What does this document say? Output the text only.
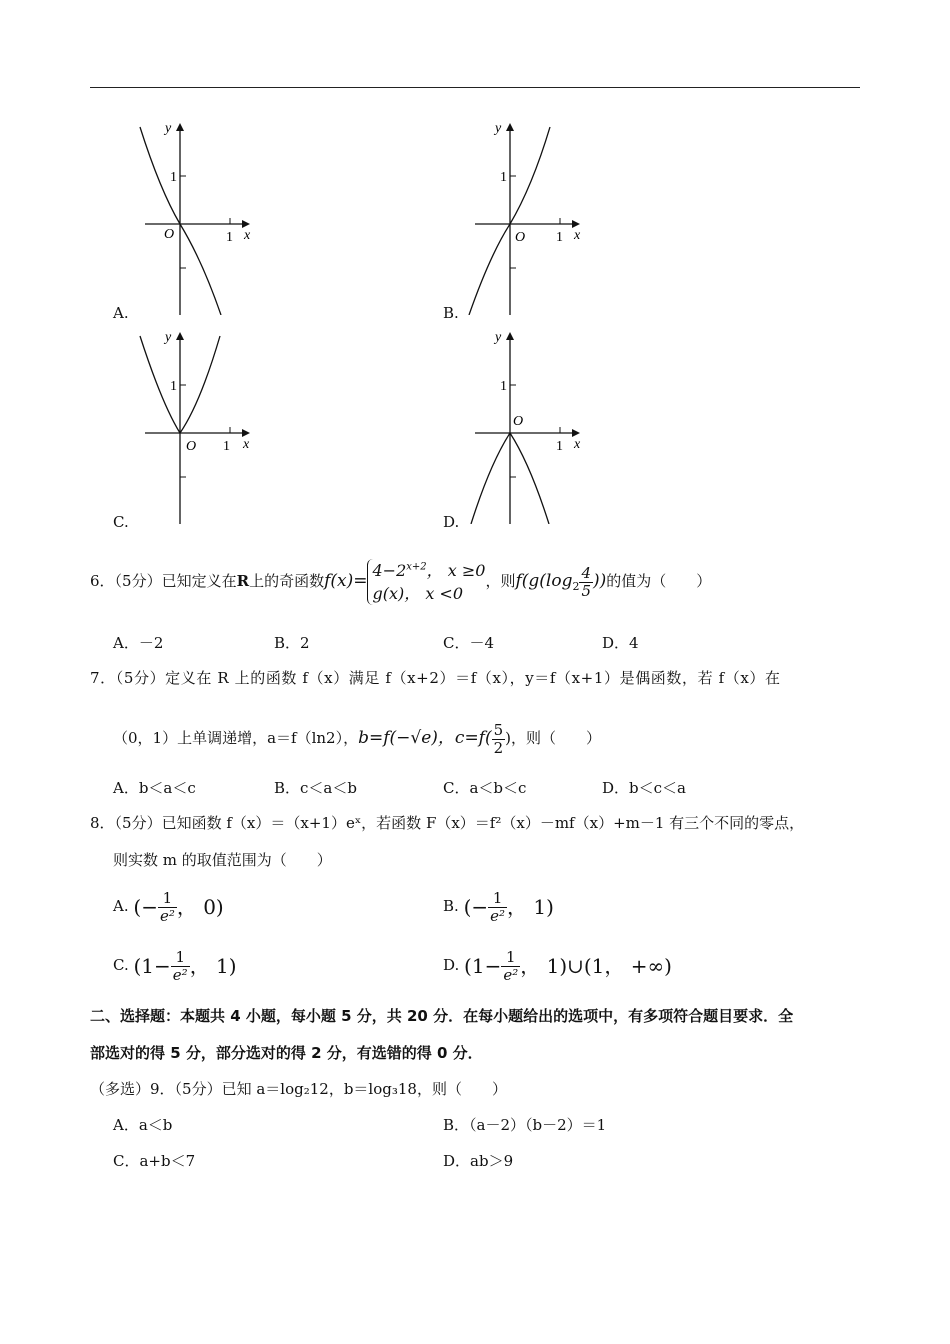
y
1
O	1 x
A.
y
1
O 1 x
B.
y
1
O 1 x
C.
y
1
O
1 x
D.
6．（5分）已知定义在R上的奇函数f(x)=
$4-2^{x+2}$， x ≥0
g(x)， x <0
，则$f(g(\log_2 \frac{4}{5}$ ))的值为（　　）
A．－2	B．2	C．－4	D．4
7．（5分）定义在 R 上的函数 f（x）满足 f（x+2）＝f（x），y＝f（x+1）是偶函数，若 f（x）在
（0，1）上单调递增，a＝f（ln2），b=f(−√e)，$c=f( \frac{5}{2}$ )，则（　　）
A．b＜a＜c	B．c＜a＜b	C．a＜b＜c	D．b＜c＜a
8．（5分）已知函数 f（x）＝（x+1）eˣ，若函数 F（x）＝f²（x）－mf（x）+m－1 有三个不同的零点，
则实数 m 的取值范围为（　　）
A. (− $\frac{1}{\text{e²}}$ ， 0)	B. (− $\frac{1}{\text{e²}}$ ， 1)
C. ($1- \frac{1}{\text{e²}}$ ， 1)	D. ($1- \frac{1}{\text{e²}}$ ， 1)∪(1， +∞)
二、选择题：本题共 4 小题，每小题 5 分，共 20 分．在每小题给出的选项中，有多项符合题目要求．全
部选对的得 5 分，部分选对的得 2 分，有选错的得 0 分．
（多选）9．（5分）已知 a＝log₂12，b＝log₃18，则（　　）
A．a＜b	B．（a－2）（b－2）＝1
C．a+b＜7	D．ab＞9
